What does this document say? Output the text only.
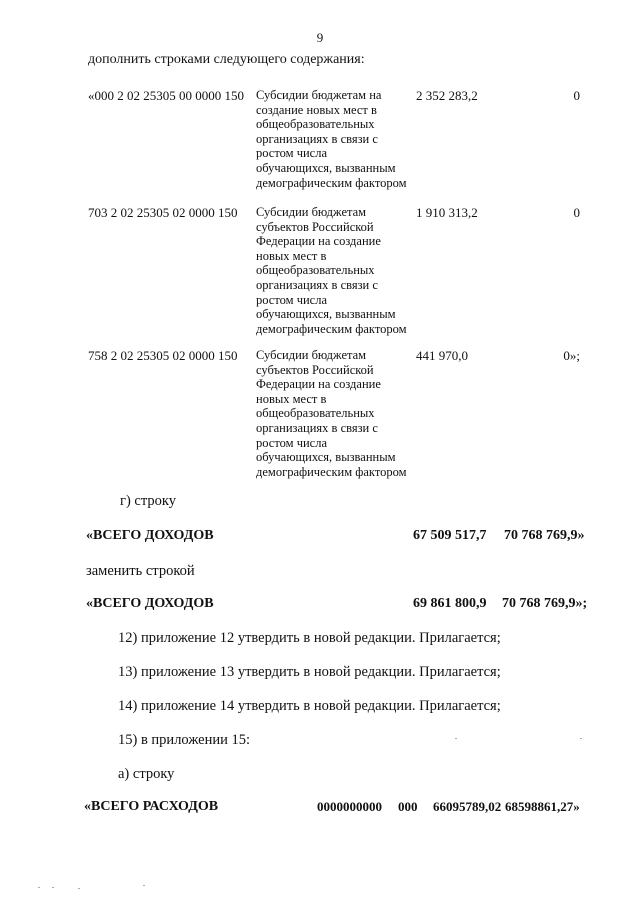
9
дополнить строками следующего содержания:
«000 2 02 25305 00 0000 150 Субсидии бюджетам на
создание новых мест в
общеобразовательных
организациях в связи с
ростом числа
обучающихся, вызванным
демографическим фактором
2 352 283,2	0
703 2 02 25305 02 0000 150 Субсидии бюджетам
субъектов Российской
Федерации на создание
новых мест в
общеобразовательных
организациях в связи с
ростом числа
обучающихся, вызванным
демографическим фактором
1 910 313,2	0
758 2 02 25305 02 0000 150 Субсидии бюджетам
субъектов Российской
Федерации на создание
новых мест в
общеобразовательных
организациях в связи с
ростом числа
обучающихся, вызванным
демографическим фактором
441 970,0	0»;
г) строку
«ВСЕГО ДОХОДОВ	67 509 517,7 70 768 769,9»
заменить строкой
«ВСЕГО ДОХОДОВ	69 861 800,9 70 768 769,9»;
12) приложение 12 утвердить в новой редакции. Прилагается;
13) приложение 13 утвердить в новой редакции. Прилагается;
14) приложение 14 утвердить в новой редакции. Прилагается;
15) в приложении 15:
а) строку
«ВСЕГО РАСХОДОВ	0000000000 000 66095789,02 68598861,27»
